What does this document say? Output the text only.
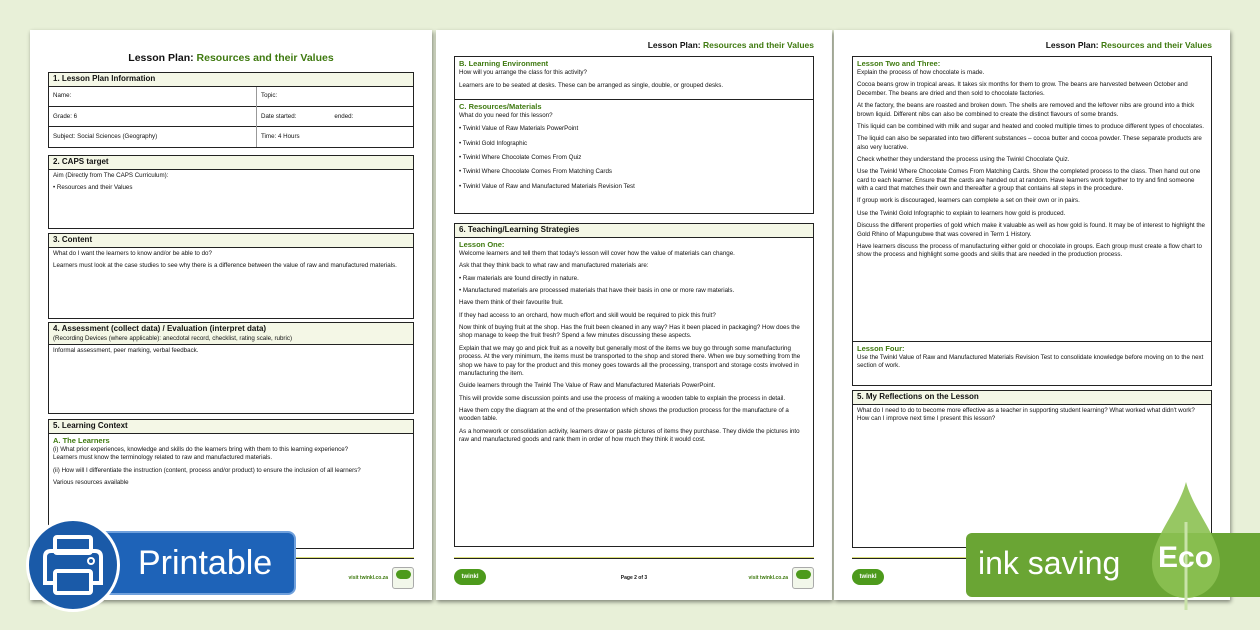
Lesson Plan: Resources and their Values
1. Lesson Plan Information
Name:	Topic:
Grade: 6	Date started: ended:
Subject: Social Sciences (Geography)	Time: 4 Hours
2. CAPS target

Aim (Directly from The CAPS Curriculum):

• Resources and their Values

3. Content

What do I want the learners to know and/or be able to do?

Learners must look at the case studies to see why there is a difference between the value of raw and manufactured materials.

4. Assessment (collect data) / Evaluation (interpret data)
(Recording Devices (where applicable): anecdotal record, checklist, rating scale, rubric)

Informal assessment, peer marking, verbal feedback.

5. Learning Context
A. The Learners

(i) What prior experiences, knowledge and skills do the learners bring with them to this learning experience?

Learners must know the terminology related to raw and manufactured materials.

(ii) How will I differentiate the instruction (content, process and/or product) to ensure the inclusion of all learners?

Various resources available

visit twinkl.co.za
Lesson Plan: Resources and their Values
B. Learning Environment

How will you arrange the class for this activity?

Learners are to be seated at desks. These can be arranged as single, double, or grouped desks.

C. Resources/Materials

What do you need for this lesson?

• Twinkl Value of Raw Materials PowerPoint

• Twinkl Gold Infographic

• Twinkl Where Chocolate Comes From Quiz

• Twinkl Where Chocolate Comes From Matching Cards

• Twinkl Value of Raw and Manufactured Materials Revision Test

6. Teaching/Learning Strategies
Lesson One:

Welcome learners and tell them that today's lesson will cover how the value of materials can change.

Ask that they think back to what raw and manufactured materials are:

• Raw materials are found directly in nature.

• Manufactured materials are processed materials that have their basis in one or more raw materials.

Have them think of their favourite fruit.

If they had access to an orchard, how much effort and skill would be required to pick this fruit?

Now think of buying fruit at the shop. Has the fruit been cleaned in any way? Has it been placed in packaging? How does the shop manage to keep the fruit fresh? Spend a few minutes discussing these aspects.

Explain that we may go and pick fruit as a novelty but generally most of the items we buy go through some manufacturing process. At the very minimum, the items must be transported to the shop and stored there. When we buy something from the shop we have to pay for the product and this money goes towards all the processing, transport and storage costs involved in manufacturing the item.

Guide learners through the Twinkl The Value of Raw and Manufactured Materials PowerPoint.

This will provide some discussion points and use the process of making a wooden table to explain the process in detail.

Have them copy the diagram at the end of the presentation which shows the production process for the manufacture of a wooden table.

As a homework or consolidation activity, learners draw or paste pictures of items they purchase. They divide the pictures into raw and manufactured goods and rank them in order of how much they think it would cost.

twinkl	Page 2 of 3	visit twinkl.co.za
Lesson Plan: Resources and their Values
Lesson Two and Three:

Explain the process of how chocolate is made.

Cocoa beans grow in tropical areas. It takes six months for them to grow. The beans are harvested between October and December. The beans are dried and then sold to chocolate factories.

At the factory, the beans are roasted and broken down. The shells are removed and the leftover nibs are ground into a thick brown liquid. Different nibs can also be combined to create the distinct flavours of some brands.

This liquid can be combined with milk and sugar and heated and cooled multiple times to produce different types of chocolates.

The liquid can also be separated into two different substances – cocoa butter and cocoa powder. These separate products are also very lucrative.

Check whether they understand the process using the Twinkl Chocolate Quiz.

Use the Twinkl Where Chocolate Comes From Matching Cards. Show the completed process to the class. Then hand out one card to each learner. Ensure that the cards are handed out at random. Have learners work together to try and find someone with a card that matches their own and thereafter a group that contains all steps in the procedure.

If group work is discouraged, learners can complete a set on their own or in pairs.

Use the Twinkl Gold Infographic to explain to learners how gold is produced.

Discuss the different properties of gold which make it valuable as well as how gold is found. It may be of interest to highlight the Gold Rhino of Mapungubwe that was covered in Term 1 History.

Have learners discuss the process of manufacturing either gold or chocolate in groups. Each group must create a flow chart to show the process and highlight some goods and skills that are needed in the production process.

Lesson Four:

Use the Twinkl Value of Raw and Manufactured Materials Revision Test to consolidate knowledge before moving on to the next section of work.

5. My Reflections on the Lesson

What do I need to do to become more effective as a teacher in supporting student learning? What worked what didn't work? How can I improve next time I present this lesson?

twinkl
Printable	ink saving	Eco
